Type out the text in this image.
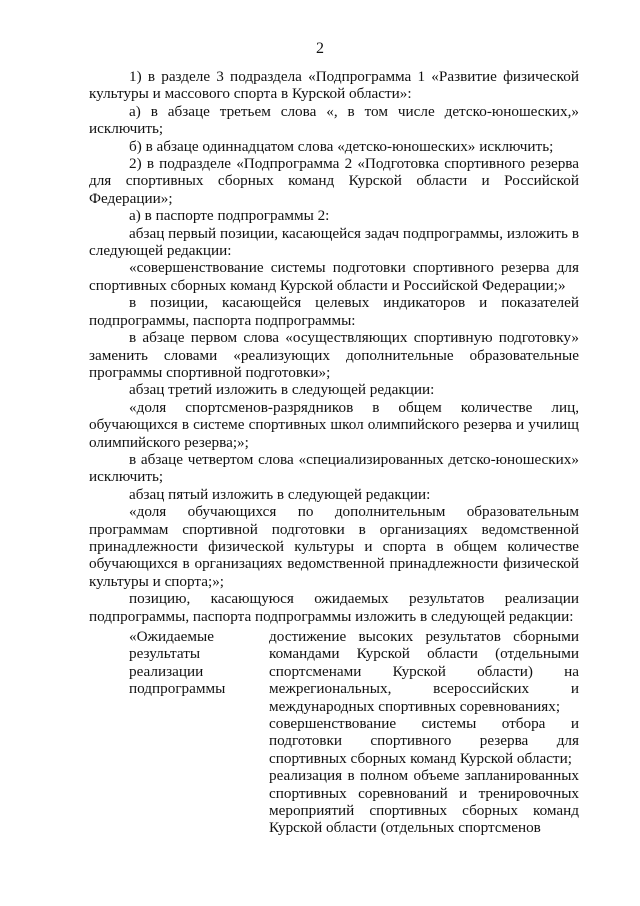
2

1) в разделе 3 подраздела «Подпрограмма 1 «Развитие физической культуры и массового спорта в Курской области»:

а) в абзаце третьем слова «, в том числе детско-юношеских,» исключить;

б) в абзаце одиннадцатом слова «детско-юношеских» исключить;

2) в подразделе «Подпрограмма 2 «Подготовка спортивного резерва для спортивных сборных команд Курской области и Российской Федерации»;

а) в паспорте подпрограммы 2:

абзац первый позиции, касающейся задач подпрограммы, изложить в следующей редакции:

«совершенствование системы подготовки спортивного резерва для спортивных сборных команд Курской области и Российской Федерации;»

в позиции, касающейся целевых индикаторов и показателей подпрограммы, паспорта подпрограммы:

в абзаце первом слова «осуществляющих спортивную подготовку» заменить словами «реализующих дополнительные образовательные программы спортивной подготовки»;

абзац третий изложить в следующей редакции:

«доля спортсменов-разрядников в общем количестве лиц, обучающихся в системе спортивных школ олимпийского резерва и училищ олимпийского резерва;»;

в абзаце четвертом слова «специализированных детско-юношеских» исключить;

абзац пятый изложить в следующей редакции:

«доля обучающихся по дополнительным образовательным программам спортивной подготовки в организациях ведомственной принадлежности физической культуры и спорта в общем количестве обучающихся в организациях ведомственной принадлежности физической культуры и спорта;»;

позицию, касающуюся ожидаемых результатов реализации подпрограммы, паспорта подпрограммы изложить в следующей редакции:

«Ожидаемые
результаты
реализации
подпрограммы

достижение высоких результатов сборными командами Курской области (отдельными спортсменами Курской области) на межрегиональных, всероссийских и международных спортивных соревнованиях;

совершенствование системы отбора и подготовки спортивного резерва для спортивных сборных команд Курской области;

реализация в полном объеме запланированных спортивных соревнований и тренировочных мероприятий спортивных сборных команд Курской области (отдельных спортсменов
